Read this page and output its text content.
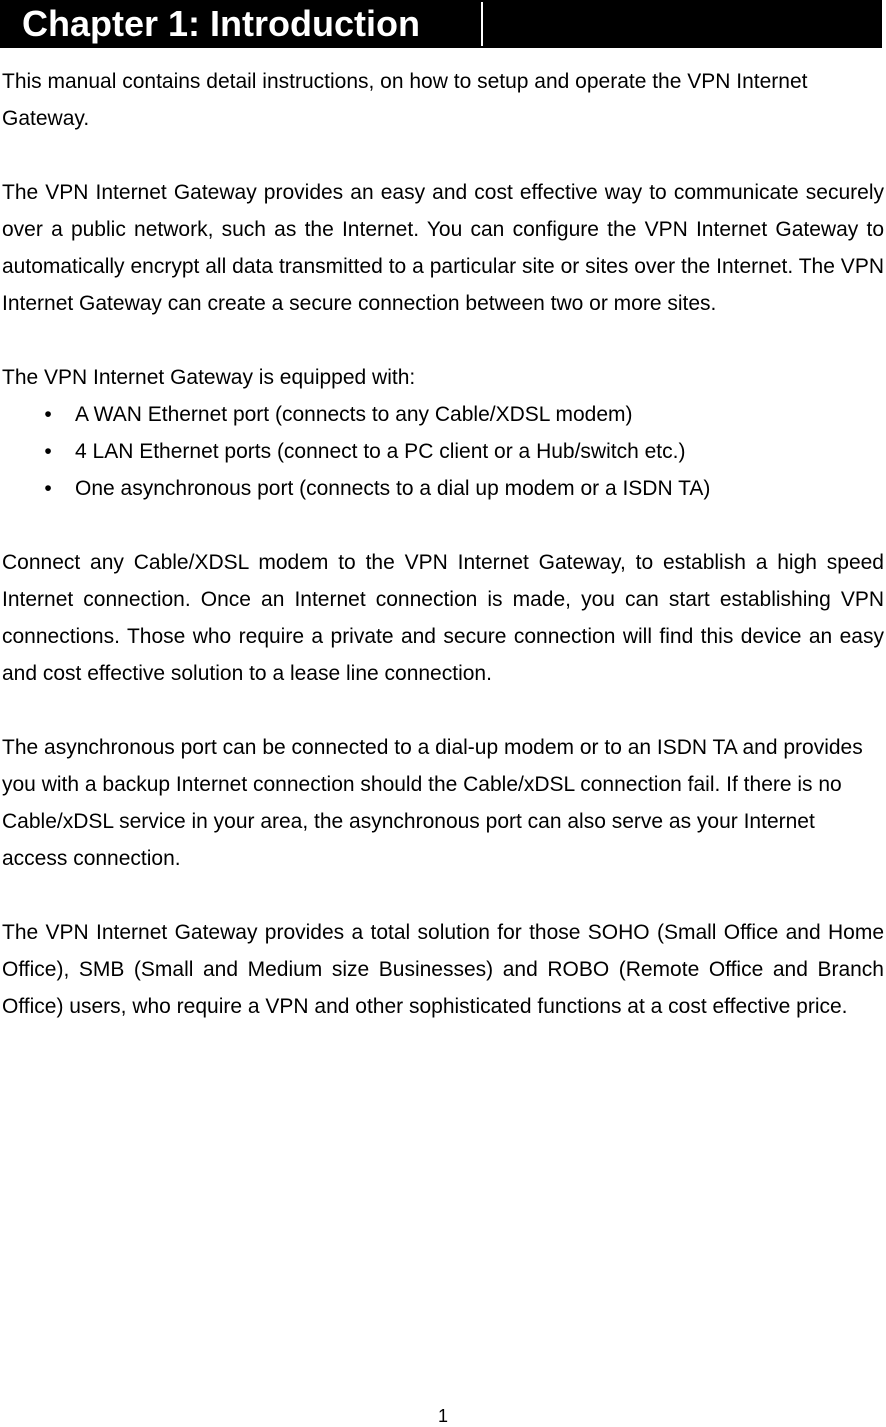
Chapter 1: Introduction

This manual contains detail instructions, on how to setup and operate the VPN Internet Gateway.

The VPN Internet Gateway provides an easy and cost effective way to communicate securely over a public network, such as the Internet. You can configure the VPN Internet Gateway to automatically encrypt all data transmitted to a particular site or sites over the Internet. The VPN Internet Gateway can create a secure connection between two or more sites.

The VPN Internet Gateway is equipped with:

•	A WAN Ethernet port (connects to any Cable/XDSL modem)
•	4 LAN Ethernet ports (connect to a PC client or a Hub/switch etc.)
•	One asynchronous port (connects to a dial up modem or a ISDN TA)

Connect any Cable/XDSL modem to the VPN Internet Gateway, to establish a high speed Internet connection. Once an Internet connection is made, you can start establishing VPN connections. Those who require a private and secure connection will find this device an easy and cost effective solution to a lease line connection.

The asynchronous port can be connected to a dial-up modem or to an ISDN TA and provides you with a backup Internet connection should the Cable/xDSL connection fail. If there is no Cable/xDSL service in your area, the asynchronous port can also serve as your Internet access connection.

The VPN Internet Gateway provides a total solution for those SOHO (Small Office and Home Office), SMB (Small and Medium size Businesses) and ROBO (Remote Office and Branch Office) users, who require a VPN and other sophisticated functions at a cost effective price.

1
